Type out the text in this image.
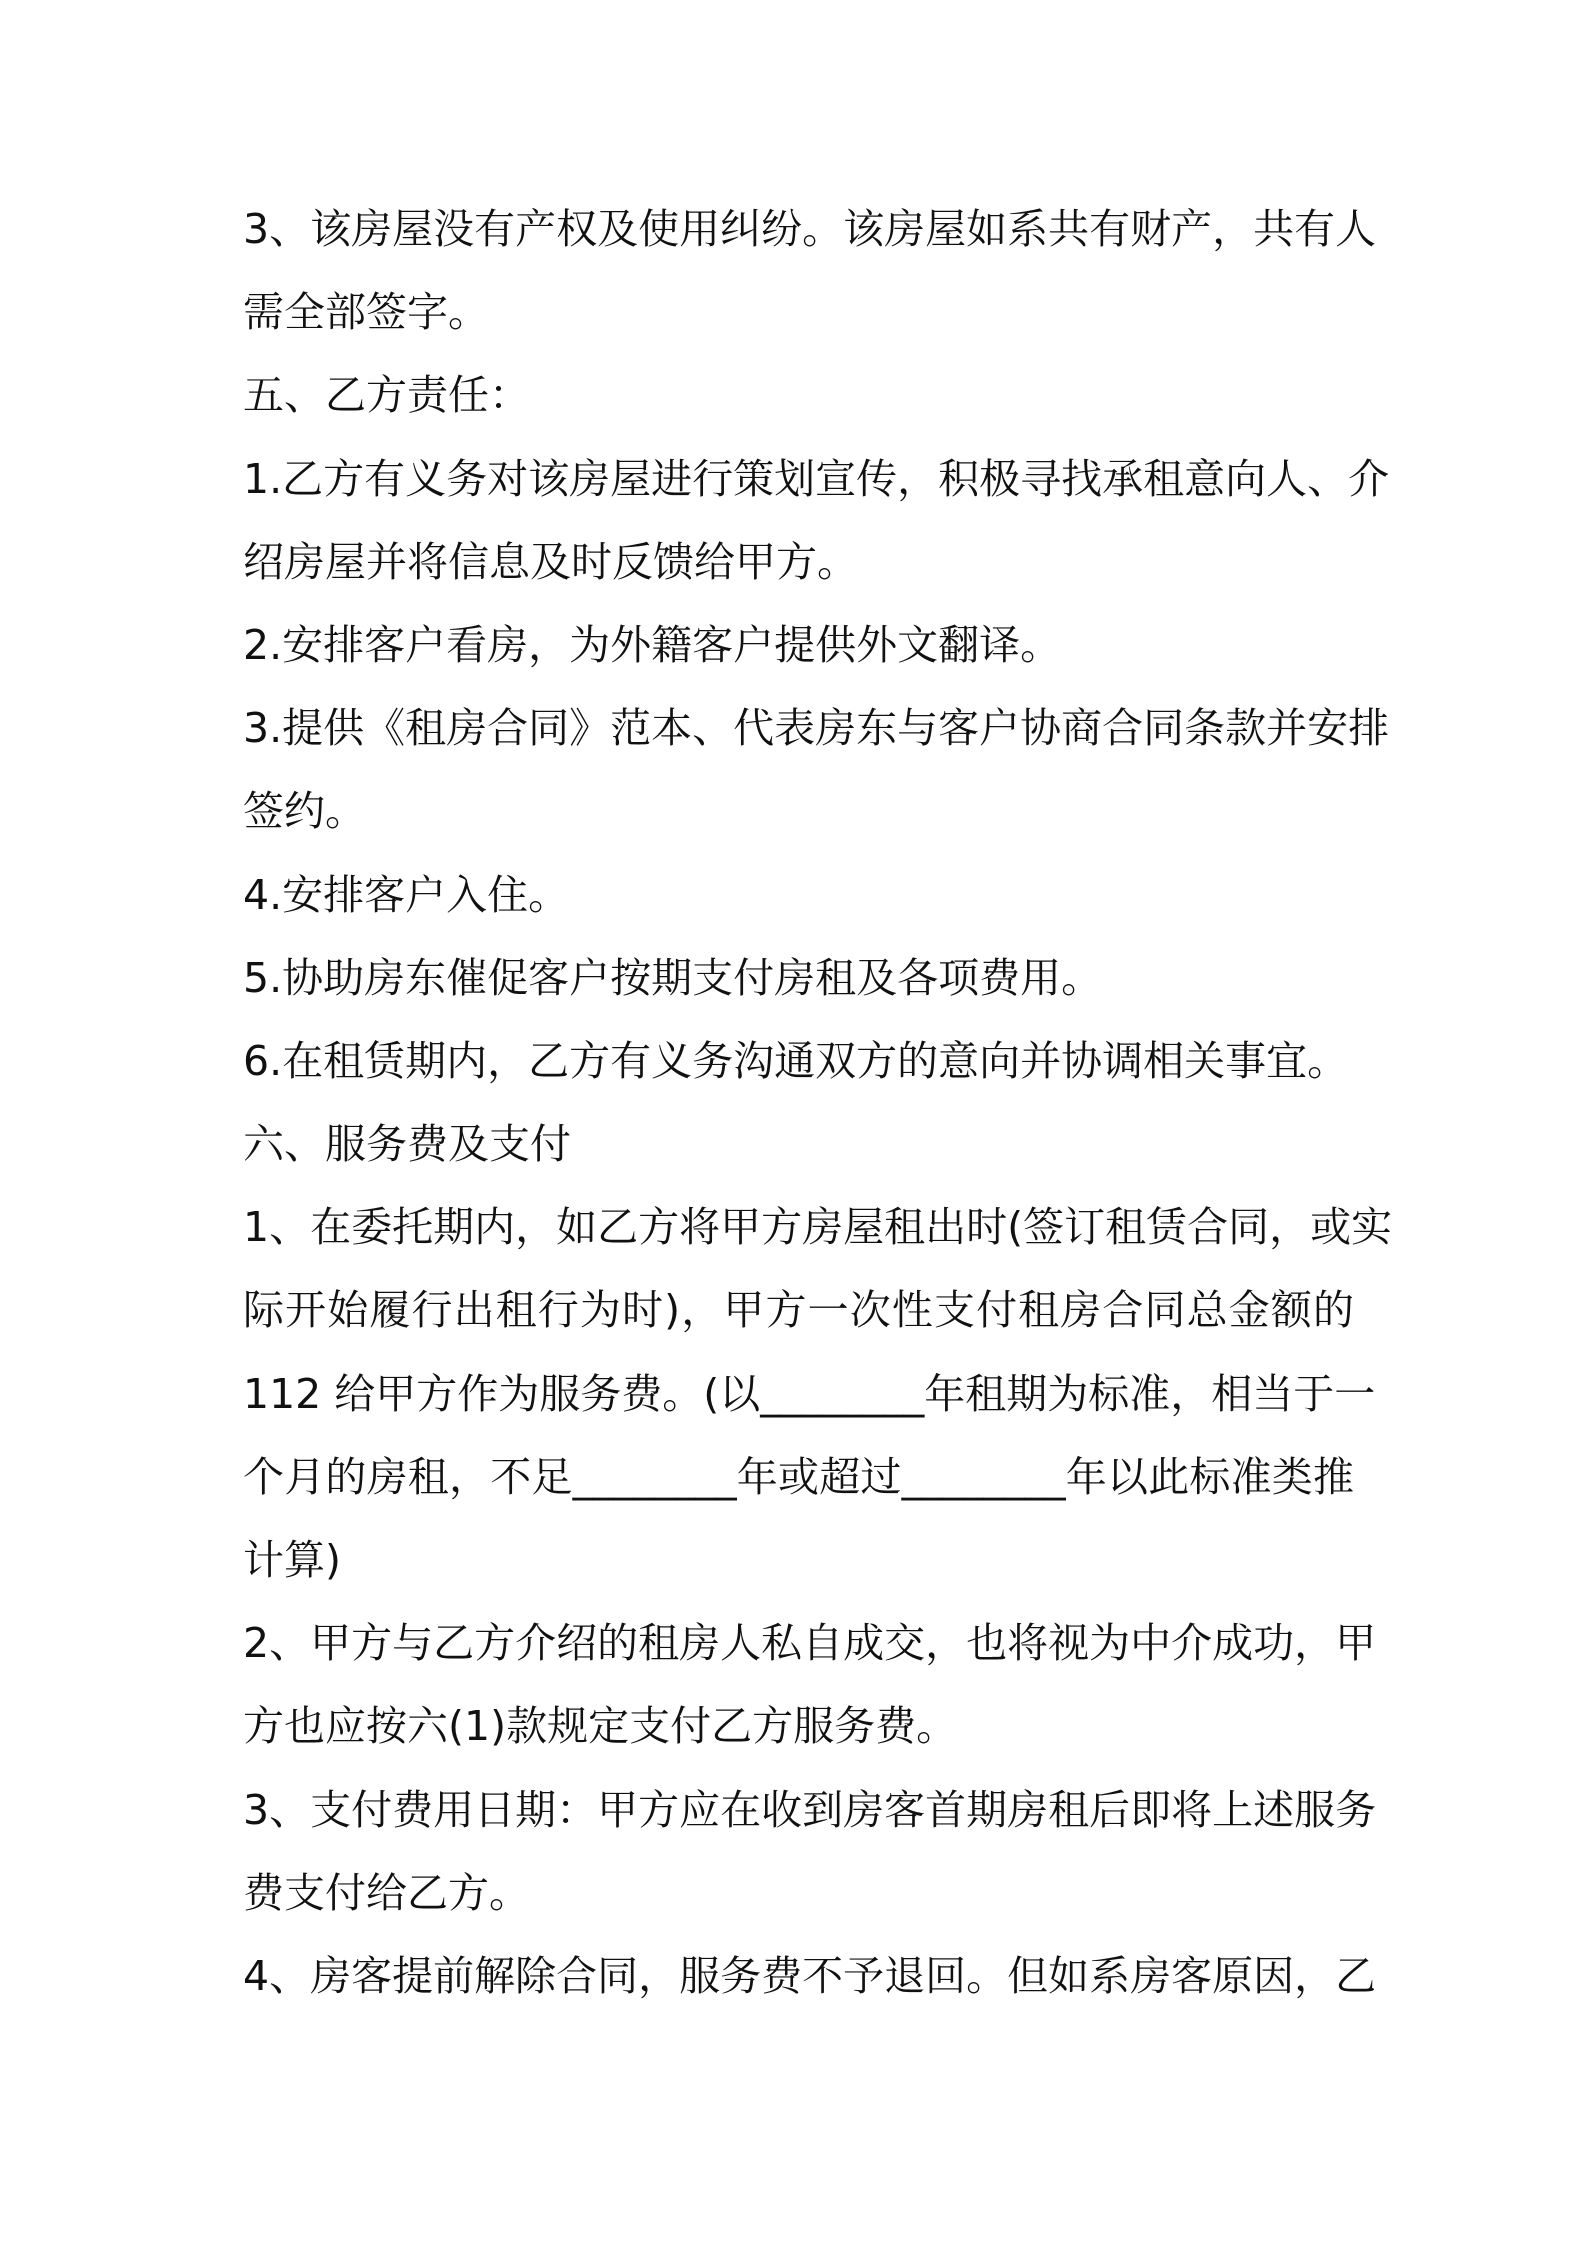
3、该房屋没有产权及使用纠纷。该房屋如系共有财产，共有人
需全部签字。
五、乙方责任：
1.乙方有义务对该房屋进行策划宣传，积极寻找承租意向人、介
绍房屋并将信息及时反馈给甲方。
2.安排客户看房，为外籍客户提供外文翻译。
3.提供《租房合同》范本、代表房东与客户协商合同条款并安排
签约。
4.安排客户入住。
5.协助房东催促客户按期支付房租及各项费用。
6.在租赁期内，乙方有义务沟通双方的意向并协调相关事宜。
六、服务费及支付
1、在委托期内，如乙方将甲方房屋租出时(签订租赁合同，或实
际开始履行出租行为时)，甲方一次性支付租房合同总金额的
112 给甲方作为服务费。(以________年租期为标准，相当于一
个月的房租，不足________年或超过________年以此标准类推
计算)
2、甲方与乙方介绍的租房人私自成交，也将视为中介成功，甲
方也应按六(1)款规定支付乙方服务费。
3、支付费用日期：甲方应在收到房客首期房租后即将上述服务
费支付给乙方。
4、房客提前解除合同，服务费不予退回。但如系房客原因，乙
